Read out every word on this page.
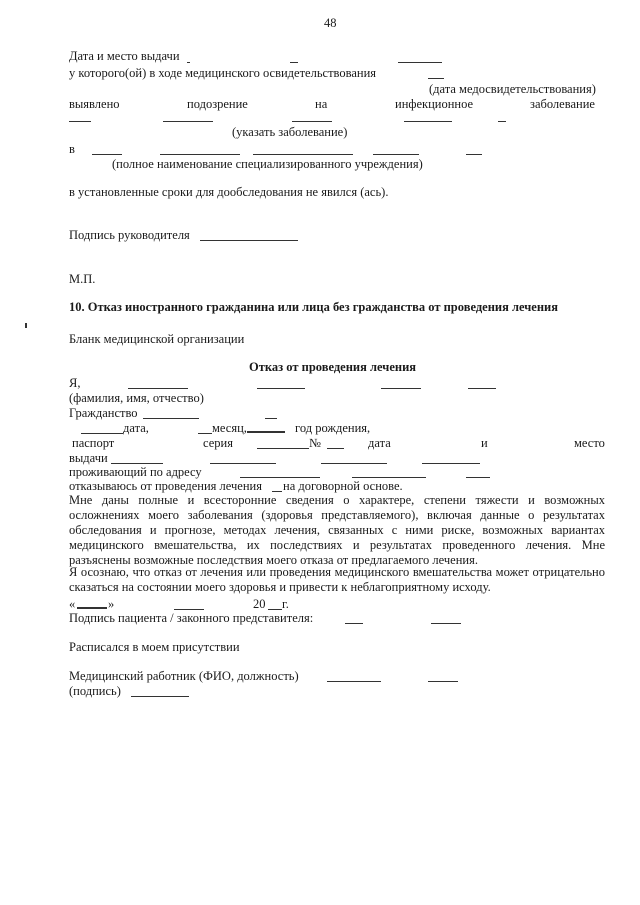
48
Дата и место выдачи
у которого(ой) в ходе медицинского освидетельствования
(дата медосвидетельствования)
выявлено	подозрение	на	инфекционное	заболевание
(указать заболевание)
в
(полное наименование специализированного учреждения)
в установленные сроки для дообследования не явился (ась).
Подпись руководителя
М.П.
10. Отказ иностранного гражданина или лица без гражданства от проведения лечения
Бланк медицинской организации
Отказ от проведения лечения
Я,
(фамилия, имя, отчество)
Гражданство
дата,	месяц,	год рождения,
паспорт	серия	№	дата	и	место
выдачи
проживающий по адресу
отказываюсь от проведения лечения на договорной основе.
Мне даны полные и всесторонние сведения о характере, степени тяжести и возможных осложнениях моего заболевания (здоровья представляемого), включая данные о результатах обследования и прогнозе, методах лечения, связанных с ними риске, возможных вариантах медицинского вмешательства, их последствиях и результатах проведенного лечения. Мне разъяснены возможные последствия моего отказа от предлагаемого лечения.
Я осознаю, что отказ от лечения или проведения медицинского вмешательства может отрицательно сказаться на состоянии моего здоровья и привести к неблагоприятному исходу.
«	»	20 г.
Подпись пациента / законного представителя:
Расписался в моем присутствии
Медицинский работник (ФИО, должность)
(подпись)
